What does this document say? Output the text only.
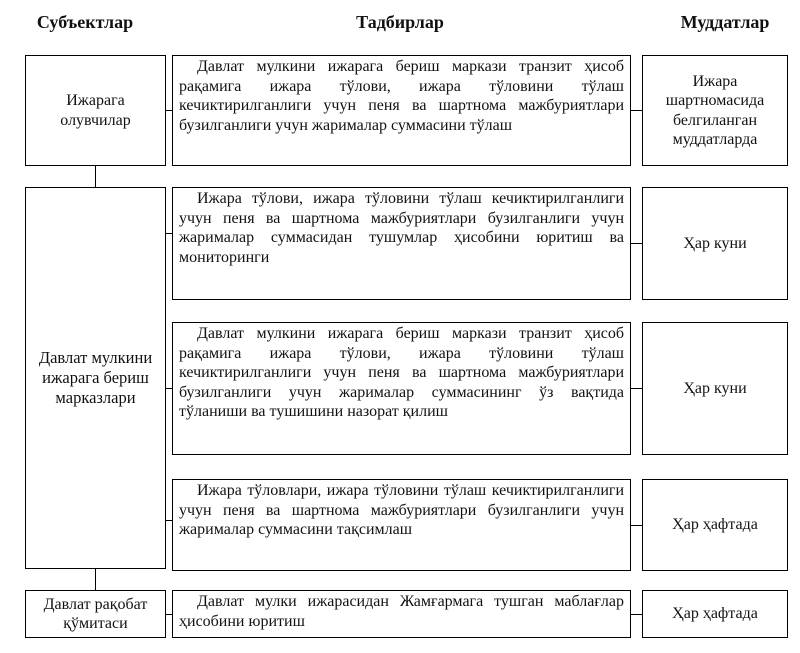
Субъектлар	Тадбирлар	Муддатлар
Ижарага олувчилар
Давлат мулкини ижарага бериш марказлари
Давлат рақобат қўмитаси
Давлат мулкини ижарага бериш маркази транзит ҳисоб рақамига ижара тўлови, ижара тўловини тўлаш кечиктирилганлиги учун пеня ва шартнома мажбуриятлари бузилганлиги учун жарималар суммасини тўлаш
Ижара тўлови, ижара тўловини тўлаш кечиктирилганлиги учун пеня ва шартнома мажбуриятлари бузилганлиги учун жарималар суммасидан тушумлар ҳисобини юритиш ва мониторинги
Давлат мулкини ижарага бериш маркази транзит ҳисоб рақамига ижара тўлови, ижара тўловини тўлаш кечиктирилганлиги учун пеня ва шартнома мажбуриятлари бузилганлиги учун жарималар суммасининг ўз вақтида тўланиши ва тушишини назорат қилиш
Ижара тўловлари, ижара тўловини тўлаш кечиктирилганлиги учун пеня ва шартнома мажбуриятлари бузилганлиги учун жарималар суммасини тақсимлаш
Давлат мулки ижарасидан Жамғармага тушган маблағлар ҳисобини юритиш
Ижара шартномасида белгиланган муддатларда
Ҳар куни
Ҳар куни
Ҳар ҳафтада
Ҳар ҳафтада
